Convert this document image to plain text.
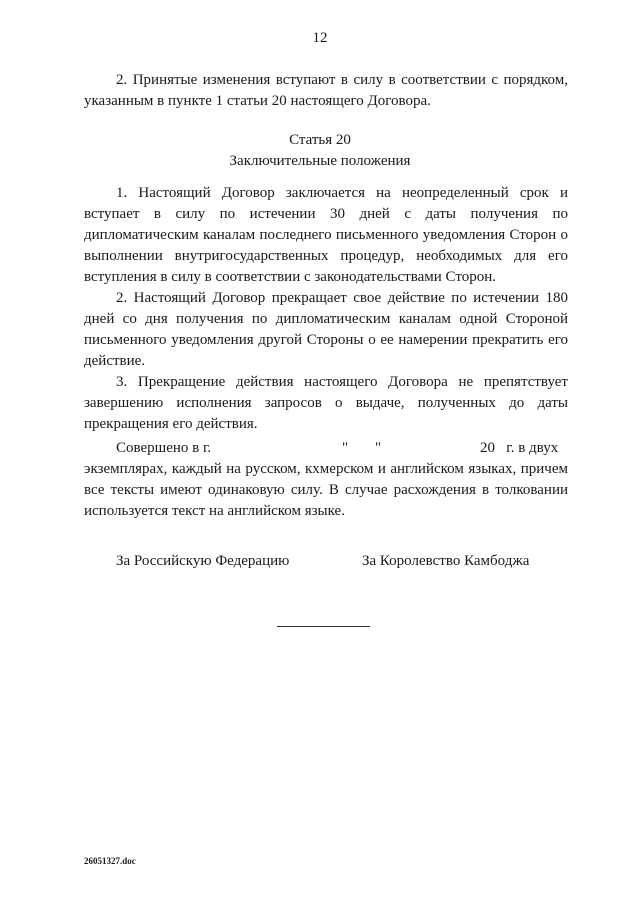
12
2. Принятые изменения вступают в силу в соответствии с порядком, указанным в пункте 1 статьи 20 настоящего Договора.
Статья 20
Заключительные положения
1. Настоящий Договор заключается на неопределенный срок и вступает в силу по истечении 30 дней с даты получения по дипломатическим каналам последнего письменного уведомления Сторон о выполнении внутригосударственных процедур, необходимых для его вступления в силу в соответствии с законодательствами Сторон.
2. Настоящий Договор прекращает свое действие по истечении 180 дней со дня получения по дипломатическим каналам одной Стороной письменного уведомления другой Стороны о ее намерении прекратить его действие.
3. Прекращение действия настоящего Договора не препятствует завершению исполнения запросов о выдаче, полученных до даты прекращения его действия.
Совершено в г.	" "	20   г. в двух
экземплярах, каждый на русском, кхмерском и английском языках, причем все тексты имеют одинаковую силу. В случае расхождения в толковании используется текст на английском языке.
За Российскую Федерацию	За Королевство Камбоджа
26051327.doc
